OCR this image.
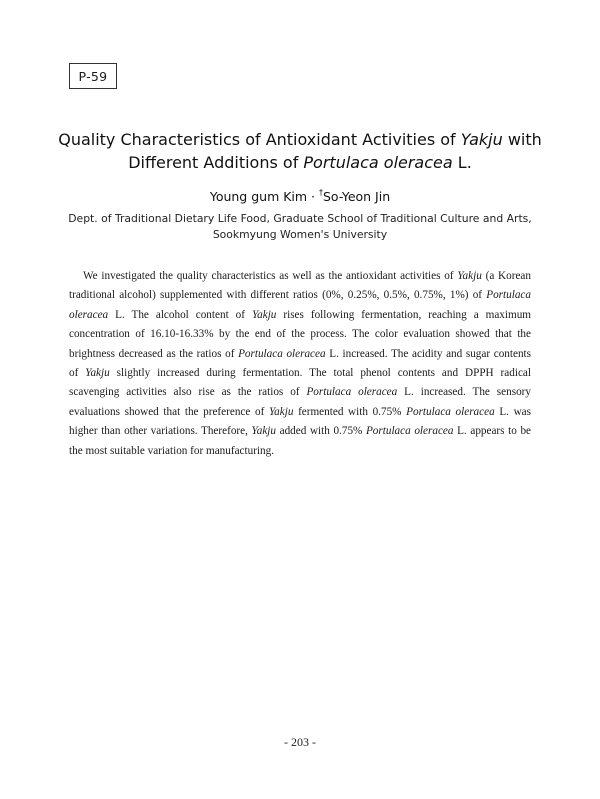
P-59
Quality Characteristics of Antioxidant Activities of Yakju with
Different Additions of Portulaca oleracea L.
Young gum Kim · †So-Yeon Jin
Dept. of Traditional Dietary Life Food, Graduate School of Traditional Culture and Arts,
Sookmyung Women's University

We investigated the quality characteristics as well as the antioxidant activities of Yakju (a Korean traditional alcohol) supplemented with different ratios (0%, 0.25%, 0.5%, 0.75%, 1%) of Portulaca oleracea L. The alcohol content of Yakju rises following fermentation, reaching a maximum concentration of 16.10-16.33% by the end of the process. The color evaluation showed that the brightness decreased as the ratios of Portulaca oleracea L. increased. The acidity and sugar contents of Yakju slightly increased during fermentation. The total phenol contents and DPPH radical scavenging activities also rise as the ratios of Portulaca oleracea L. increased. The sensory evaluations showed that the preference of Yakju fermented with 0.75% Portulaca oleracea L. was higher than other variations. Therefore, Yakju added with 0.75% Portulaca oleracea L. appears to be the most suitable variation for manufacturing.

- 203 -
